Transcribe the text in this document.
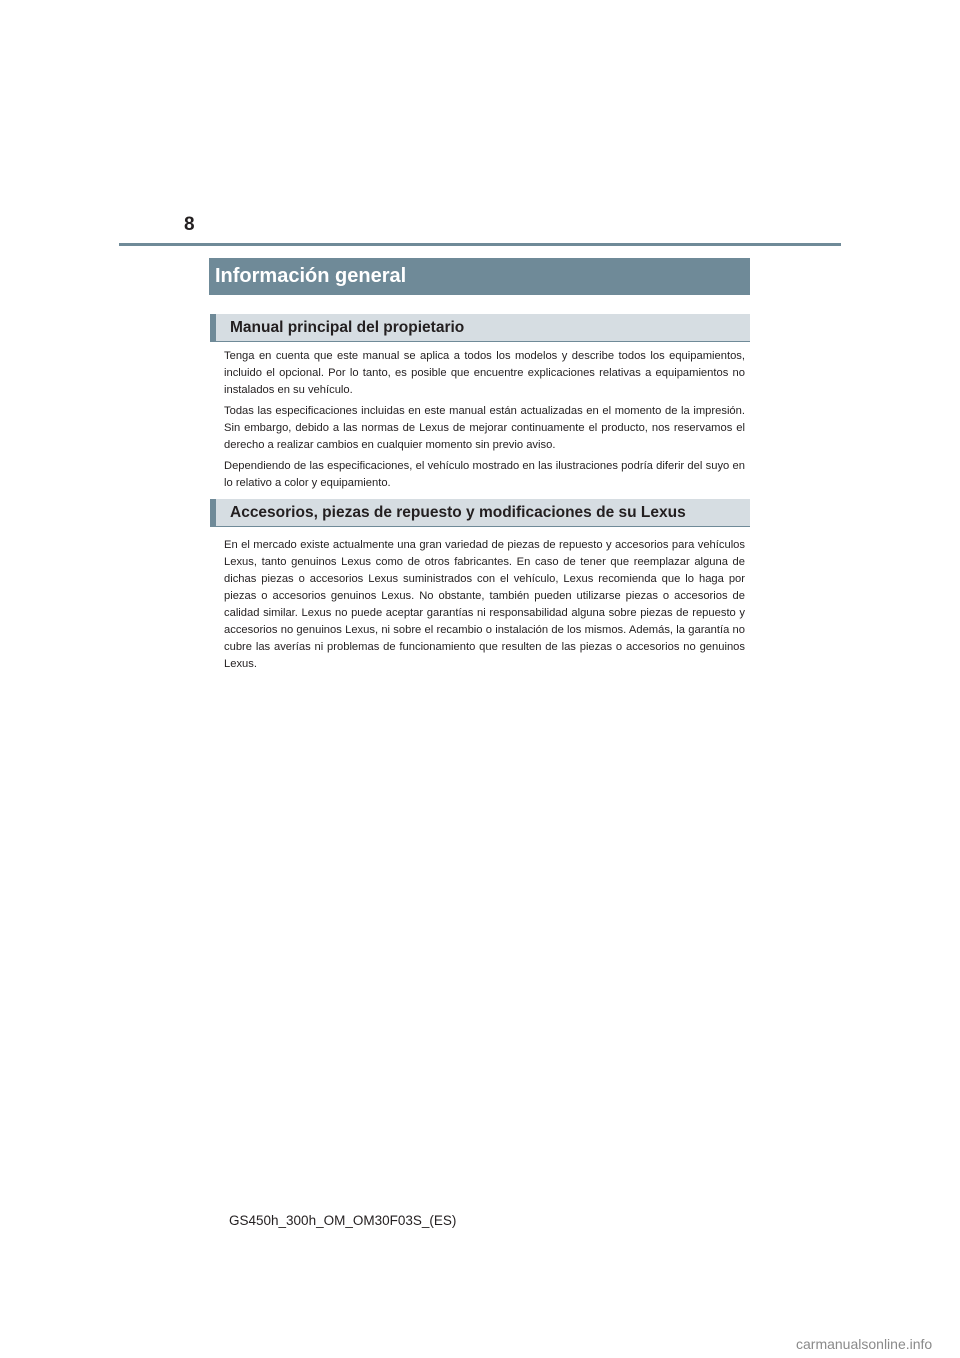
8
Información general
Manual principal del propietario

Tenga en cuenta que este manual se aplica a todos los modelos y describe todos los equipamientos, incluido el opcional. Por lo tanto, es posible que encuentre explicaciones relativas a equipamientos no instalados en su vehículo.

Todas las especificaciones incluidas en este manual están actualizadas en el momento de la impresión. Sin embargo, debido a las normas de Lexus de mejorar continuamente el producto, nos reservamos el derecho a realizar cambios en cualquier momento sin previo aviso.

Dependiendo de las especificaciones, el vehículo mostrado en las ilustraciones podría diferir del suyo en lo relativo a color y equipamiento.

Accesorios, piezas de repuesto y modificaciones de su Lexus

En el mercado existe actualmente una gran variedad de piezas de repuesto y accesorios para vehículos Lexus, tanto genuinos Lexus como de otros fabricantes. En caso de tener que reemplazar alguna de dichas piezas o accesorios Lexus suministrados con el vehículo, Lexus recomienda que lo haga por piezas o accesorios genuinos Lexus. No obstante, también pueden utilizarse piezas o accesorios de calidad similar. Lexus no puede aceptar garantías ni responsabilidad alguna sobre piezas de repuesto y accesorios no genuinos Lexus, ni sobre el recambio o instalación de los mismos. Además, la garantía no cubre las averías ni problemas de funcionamiento que resulten de las piezas o accesorios no genuinos Lexus.

GS450h_300h_OM_OM30F03S_(ES)
carmanualsonline.info
